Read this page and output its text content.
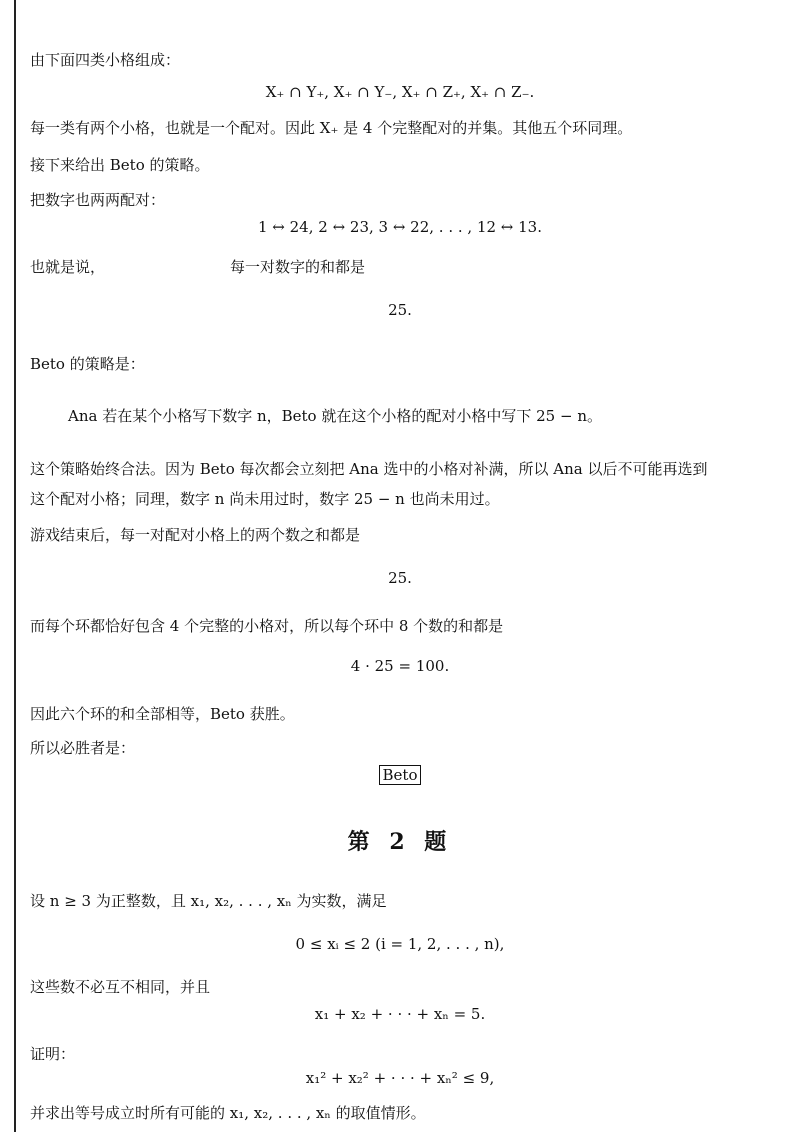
由下面四类小格组成：
X₊ ∩ Y₊, X₊ ∩ Y₋, X₊ ∩ Z₊, X₊ ∩ Z₋.
每一类有两个小格，也就是一个配对。因此 X₊ 是 4 个完整配对的并集。其他五个环同理。
接下来给出 Beto 的策略。
把数字也两两配对：
1 ↔ 24, 2 ↔ 23, 3 ↔ 22, . . . , 12 ↔ 13.
也就是说，	每一对数字的和都是
25.
Beto 的策略是：
Ana 若在某个小格写下数字 n，Beto 就在这个小格的配对小格中写下 25 − n。
这个策略始终合法。因为 Beto 每次都会立刻把 Ana 选中的小格对补满，所以 Ana 以后不可能再选到
这个配对小格；同理，数字 n 尚未用过时，数字 25 − n 也尚未用过。
游戏结束后，每一对配对小格上的两个数之和都是
25.
而每个环都恰好包含 4 个完整的小格对，所以每个环中 8 个数的和都是
4 · 25 = 100.
因此六个环的和全部相等，Beto 获胜。
所以必胜者是：
Beto
第 2 题
设 n ≥ 3 为正整数，且 x₁, x₂, . . . , xₙ 为实数，满足
0 ≤ xᵢ ≤ 2 (i = 1, 2, . . . , n),
这些数不必互不相同，并且
x₁ + x₂ + · · · + xₙ = 5.
证明：
x₁² + x₂² + · · · + xₙ² ≤ 9,
并求出等号成立时所有可能的 x₁, x₂, . . . , xₙ 的取值情形。
